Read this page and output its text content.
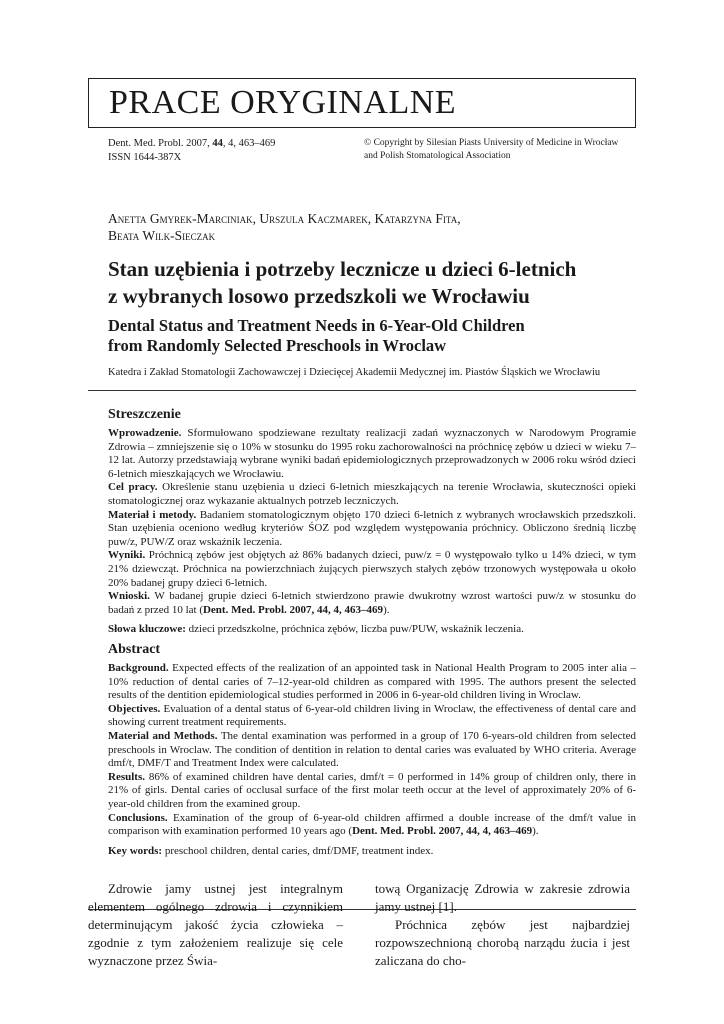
PRACE ORYGINALNE
Dent. Med. Probl. 2007, 44, 4, 463–469
ISSN 1644-387X
© Copyright by Silesian Piasts University of Medicine in Wrocław
and Polish Stomatological Association
Anetta Gmyrek-Marciniak, Urszula Kaczmarek, Katarzyna Fita,
Beata Wilk-Sieczak
Stan uzębienia i potrzeby lecznicze u dzieci 6-letnich
z wybranych losowo przedszkoli we Wrocławiu
Dental Status and Treatment Needs in 6-Year-Old Children
from Randomly Selected Preschools in Wroclaw
Katedra i Zakład Stomatologii Zachowawczej i Dziecięcej Akademii Medycznej im. Piastów Śląskich we Wrocławiu

Streszczenie

Wprowadzenie. Sformułowano spodziewane rezultaty realizacji zadań wyznaczonych w Narodowym Programie Zdrowia – zmniejszenie się o 10% w stosunku do 1995 roku zachorowalności na próchnicę zębów u dzieci w wieku 7–12 lat. Autorzy przedstawiają wybrane wyniki badań epidemiologicznych przeprowadzonych w 2006 roku wśród dzieci 6-letnich mieszkających we Wrocławiu.

Cel pracy. Określenie stanu uzębienia u dzieci 6-letnich mieszkających na terenie Wrocławia, skuteczności opieki stomatologicznej oraz wykazanie aktualnych potrzeb leczniczych.

Materiał i metody. Badaniem stomatologicznym objęto 170 dzieci 6-letnich z wybranych wrocławskich przedszkoli. Stan uzębienia oceniono według kryteriów ŚOZ pod względem występowania próchnicy. Obliczono średnią liczbę puw/z, PUW/Z oraz wskaźnik leczenia.

Wyniki. Próchnicą zębów jest objętych aż 86% badanych dzieci, puw/z = 0 występowało tylko u 14% dzieci, w tym 21% dziewcząt. Próchnica na powierzchniach żujących pierwszych stałych zębów trzonowych występowała u około 20% badanej grupy dzieci 6-letnich.

Wnioski. W badanej grupie dzieci 6-letnich stwierdzono prawie dwukrotny wzrost wartości puw/z w stosunku do badań z przed 10 lat (Dent. Med. Probl. 2007, 44, 4, 463–469).

Słowa kluczowe: dzieci przedszkolne, próchnica zębów, liczba puw/PUW, wskaźnik leczenia.

Abstract

Background. Expected effects of the realization of an appointed task in National Health Program to 2005 inter alia – 10% reduction of dental caries of 7–12-year-old children as compared with 1995. The authors present the selected results of the dentition epidemiological studies performed in 2006 in 6-year-old children living in Wroclaw.

Objectives. Evaluation of a dental status of 6-year-old children living in Wroclaw, the effectiveness of dental care and showing current treatment requirements.

Material and Methods. The dental examination was performed in a group of 170 6-years-old children from selected preschools in Wroclaw. The condition of dentition in relation to dental caries was evaluated by WHO criteria. Average dmf/t, DMF/T and Treatment Index were calculated.

Results. 86% of examined children have dental caries, dmf/t = 0 performed in 14% group of children only, there in 21% of girls. Dental caries of occlusal surface of the first molar teeth occur at the level of approximately 20% of 6-year-old children from the examined group.

Conclusions. Examination of the group of 6-year-old children affirmed a double increase of the dmf/t value in comparison with examination performed 10 years ago (Dent. Med. Probl. 2007, 44, 4, 463–469).

Key words: preschool children, dental caries, dmf/DMF, treatment index.

Zdrowie jamy ustnej jest integralnym elementem ogólnego zdrowia i czynnikiem determinującym jakość życia człowieka – zgodnie z tym założeniem realizuje się cele wyznaczone przez Świa-

tową Organizację Zdrowia w zakresie zdrowia jamy ustnej [1].

Próchnica zębów jest najbardziej rozpowszechnioną chorobą narządu żucia i jest zaliczana do cho-
